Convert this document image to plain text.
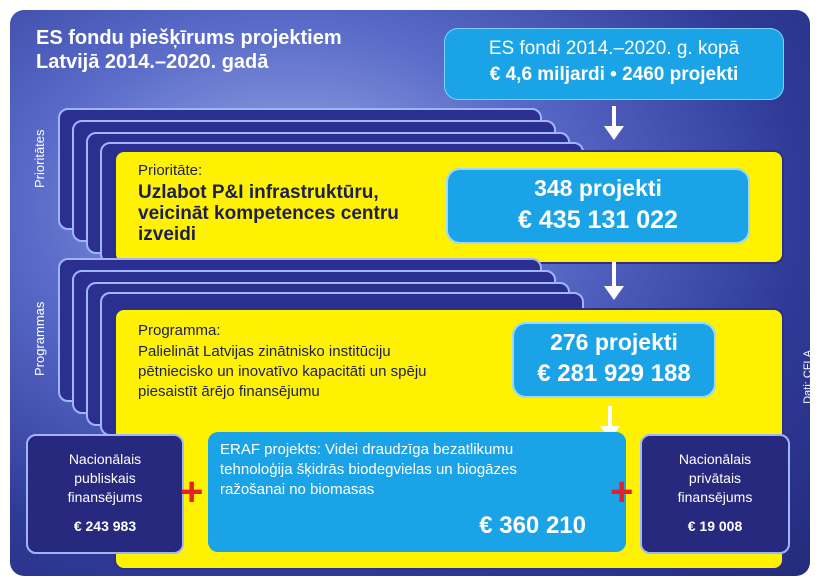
ES fondu piešķīrums projektiem
Latvijā 2014.–2020. gadā
ES fondi 2014.–2020. g. kopā
€ 4,6 miljardi • 2460 projekti
Prioritātes
Programmas
Prioritāte:
Uzlabot P&I infrastruktūru, veicināt kompetences centru izveidi
348 projekti
€ 435 131 022
Programma:
Palielināt Latvijas zinātnisko institūciju pētniecisko un inovatīvo kapacitāti un spēju piesaistīt ārējo finansējumu
276 projekti
€ 281 929 188
Nacionālais publiskais finansējums
€ 243 983
+
ERAF projekts: Videi draudzīga bezatlikumu tehnoloģija šķidrās biodegvielas un biogāzes ražošanai no biomasas
€ 360 210
+
Nacionālais privātais finansējums
€ 19 008
Dati: CFLA
